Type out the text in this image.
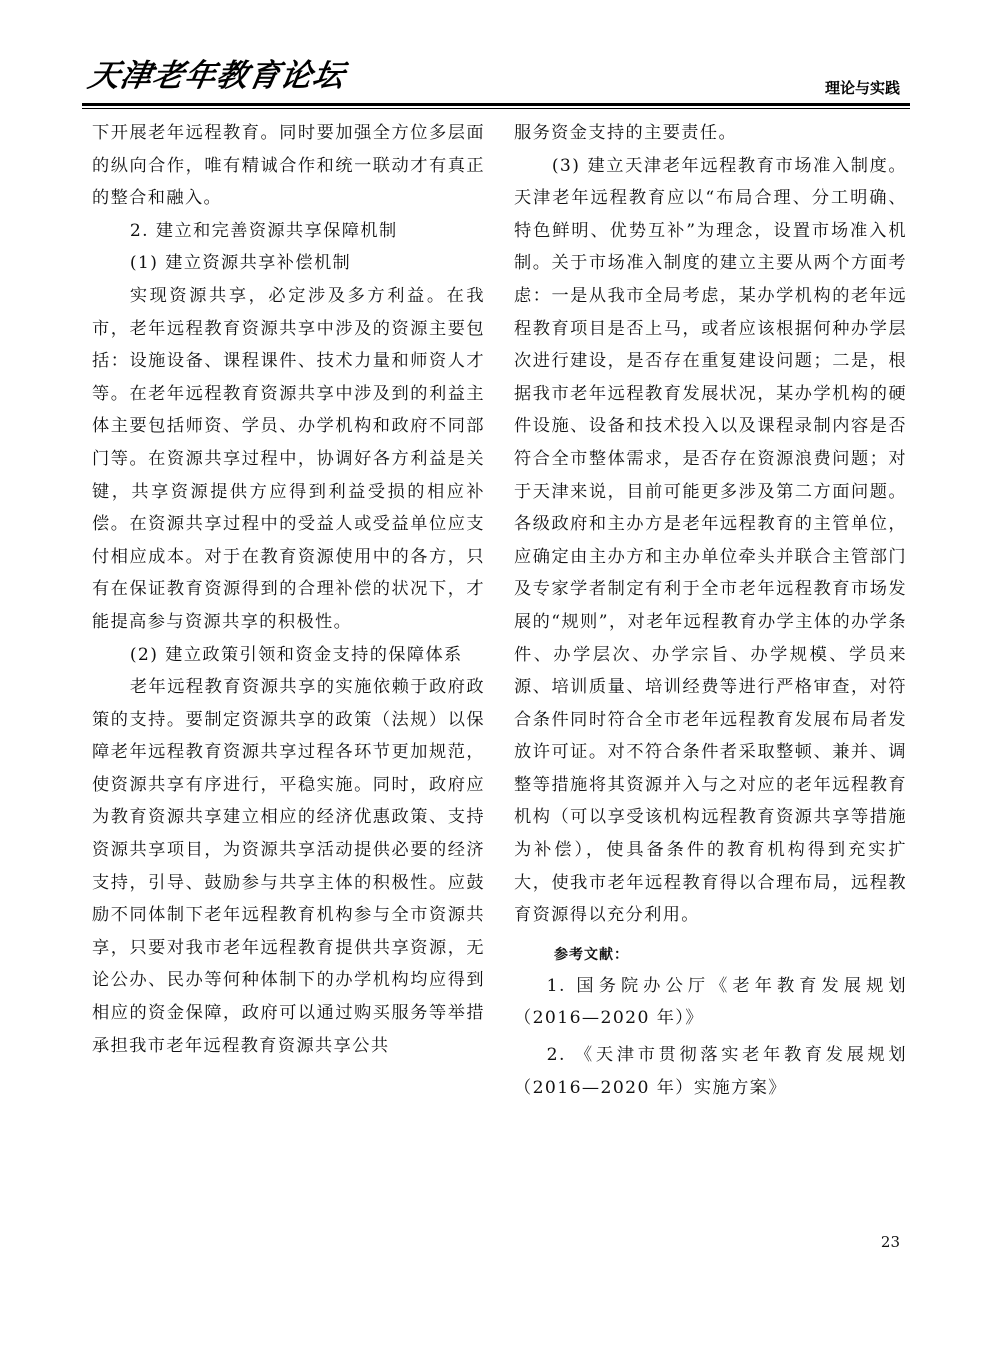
天津老年教育论坛	理论与实践

下开展老年远程教育。同时要加强全方位多层面的纵向合作，唯有精诚合作和统一联动才有真正的整合和融入。

2. 建立和完善资源共享保障机制

(1) 建立资源共享补偿机制

实现资源共享，必定涉及多方利益。在我市，老年远程教育资源共享中涉及的资源主要包括：设施设备、课程课件、技术力量和师资人才等。在老年远程教育资源共享中涉及到的利益主体主要包括师资、学员、办学机构和政府不同部门等。在资源共享过程中，协调好各方利益是关键，共享资源提供方应得到利益受损的相应补偿。在资源共享过程中的受益人或受益单位应支付相应成本。对于在教育资源使用中的各方，只有在保证教育资源得到的合理补偿的状况下，才能提高参与资源共享的积极性。

(2) 建立政策引领和资金支持的保障体系

老年远程教育资源共享的实施依赖于政府政策的支持。要制定资源共享的政策（法规）以保障老年远程教育资源共享过程各环节更加规范，使资源共享有序进行，平稳实施。同时，政府应为教育资源共享建立相应的经济优惠政策、支持资源共享项目，为资源共享活动提供必要的经济支持，引导、鼓励参与共享主体的积极性。应鼓励不同体制下老年远程教育机构参与全市资源共享，只要对我市老年远程教育提供共享资源，无论公办、民办等何种体制下的办学机构均应得到相应的资金保障，政府可以通过购买服务等举措承担我市老年远程教育资源共享公共

服务资金支持的主要责任。

(3) 建立天津老年远程教育市场准入制度。天津老年远程教育应以“布局合理、分工明确、特色鲜明、优势互补”为理念，设置市场准入机制。关于市场准入制度的建立主要从两个方面考虑：一是从我市全局考虑，某办学机构的老年远程教育项目是否上马，或者应该根据何种办学层次进行建设，是否存在重复建设问题；二是，根据我市老年远程教育发展状况，某办学机构的硬件设施、设备和技术投入以及课程录制内容是否符合全市整体需求，是否存在资源浪费问题；对于天津来说，目前可能更多涉及第二方面问题。各级政府和主办方是老年远程教育的主管单位，应确定由主办方和主办单位牵头并联合主管部门及专家学者制定有利于全市老年远程教育市场发展的“规则”，对老年远程教育办学主体的办学条件、办学层次、办学宗旨、办学规模、学员来源、培训质量、培训经费等进行严格审查，对符合条件同时符合全市老年远程教育发展布局者发放许可证。对不符合条件者采取整顿、兼并、调整等措施将其资源并入与之对应的老年远程教育机构（可以享受该机构远程教育资源共享等措施为补偿），使具备条件的教育机构得到充实扩大，使我市老年远程教育得以合理布局，远程教育资源得以充分利用。

参考文献：

1. 国务院办公厅《老年教育发展规划（2016—2020 年）》

2. 《天津市贯彻落实老年教育发展规划（2016—2020 年）实施方案》

23
